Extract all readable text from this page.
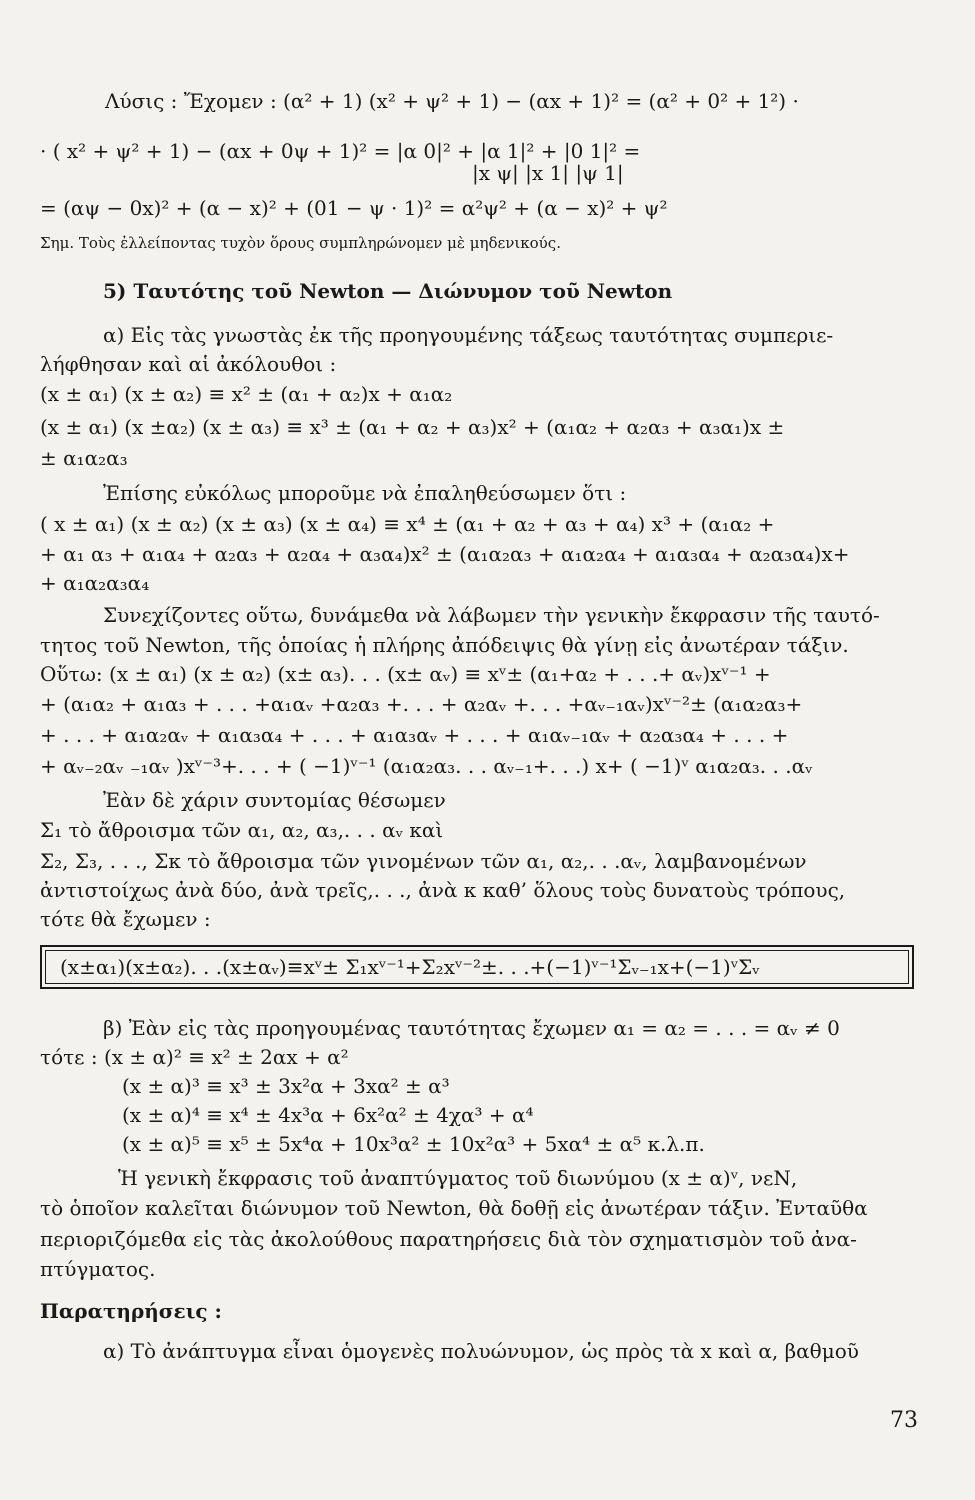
Λύσις : Ἔχομεν : (α² + 1) (x² + ψ² + 1) − (αx + 1)² = (α² + 0² + 1²) ·
· ( x² + ψ² + 1) − (αx + 0ψ + 1)² = |α 0|² + |α 1|² + |0 1|² =
|x ψ| |x 1| |ψ 1|
= (αψ − 0x)² + (α − x)² + (01 − ψ · 1)² = α²ψ² + (α − x)² + ψ²
Σημ. Τοὺς ἐλλείποντας τυχὸν ὅρους συμπληρώνομεν μὲ μηδενικούς.
5) Ταυτότης τοῦ Newton — Διώνυμον τοῦ Newton
α) Εἰς τὰς γνωστὰς ἐκ τῆς προηγουμένης τάξεως ταυτότητας συμπεριε-
λήφθησαν καὶ αἱ ἀκόλουθοι :
(x ± α₁) (x ± α₂) ≡ x² ± (α₁ + α₂)x + α₁α₂
(x ± α₁) (x ±α₂) (x ± α₃) ≡ x³ ± (α₁ + α₂ + α₃)x² + (α₁α₂ + α₂α₃ + α₃α₁)x ±
± α₁α₂α₃
Ἐπίσης εὐκόλως μποροῦμε νὰ ἐπαληθεύσωμεν ὅτι :
( x ± α₁) (x ± α₂) (x ± α₃) (x ± α₄) ≡ x⁴ ± (α₁ + α₂ + α₃ + α₄) x³ + (α₁α₂ +
+ α₁ α₃ + α₁α₄ + α₂α₃ + α₂α₄ + α₃α₄)x² ± (α₁α₂α₃ + α₁α₂α₄ + α₁α₃α₄ + α₂α₃α₄)x+
+ α₁α₂α₃α₄
Συνεχίζοντες οὕτω, δυνάμεθα νὰ λάβωμεν τὴν γενικὴν ἔκφρασιν τῆς ταυτό-
τητος τοῦ Newton, τῆς ὁποίας ἡ πλήρης ἀπόδειψις θὰ γίνῃ εἰς ἀνωτέραν τάξιν.
Οὕτω: (x ± α₁) (x ± α₂) (x± α₃). . . (x± αᵥ) ≡ xᵛ± (α₁+α₂ + . . .+ αᵥ)xᵛ⁻¹ +
+ (α₁α₂ + α₁α₃ + . . . +α₁αᵥ +α₂α₃ +. . . + α₂αᵥ +. . . +αᵥ₋₁αᵥ)xᵛ⁻²± (α₁α₂α₃+
+ . . . + α₁α₂αᵥ + α₁α₃α₄ + . . . + α₁α₃αᵥ + . . . + α₁αᵥ₋₁αᵥ + α₂α₃α₄ + . . . +
+ αᵥ₋₂αᵥ ₋₁αᵥ )xᵛ⁻³+. . . + ( −1)ᵛ⁻¹ (α₁α₂α₃. . . αᵥ₋₁+. . .) x+ ( −1)ᵛ α₁α₂α₃. . .αᵥ
Ἐὰν δὲ χάριν συντομίας θέσωμεν
Σ₁ τὸ ἄθροισμα τῶν α₁, α₂, α₃,. . . αᵥ καὶ
Σ₂, Σ₃, . . ., Σκ τὸ ἄθροισμα τῶν γινομένων τῶν α₁, α₂,. . .αᵥ, λαμβανομένων
ἀντιστοίχως ἀνὰ δύο, ἀνὰ τρεῖς,. . ., ἀνὰ κ καθ’ ὅλους τοὺς δυνατοὺς τρόπους,
τότε θὰ ἔχωμεν :
(x±α₁)(x±α₂). . .(x±αᵥ)≡xᵛ± Σ₁xᵛ⁻¹+Σ₂xᵛ⁻²±. . .+(−1)ᵛ⁻¹Σᵥ₋₁x+(−1)ᵛΣᵥ
β) Ἐὰν εἰς τὰς προηγουμένας ταυτότητας ἔχωμεν α₁ = α₂ = . . . = αᵥ ≠ 0
τότε : (x ± α)² ≡ x² ± 2αx + α²
(x ± α)³ ≡ x³ ± 3x²α + 3xα² ± α³
(x ± α)⁴ ≡ x⁴ ± 4x³α + 6x²α² ± 4χα³ + α⁴
(x ± α)⁵ ≡ x⁵ ± 5x⁴α + 10x³α² ± 10x²α³ + 5xα⁴ ± α⁵ κ.λ.π.
Ἡ γενικὴ ἔκφρασις τοῦ ἀναπτύγματος τοῦ διωνύμου (x ± α)ᵛ, νεΝ,
τὸ ὁποῖον καλεῖται διώνυμον τοῦ Newton, θὰ δοθῇ εἰς ἀνωτέραν τάξιν. Ἐνταῦθα
περιοριζόμεθα εἰς τὰς ἀκολούθους παρατηρήσεις διὰ τὸν σχηματισμὸν τοῦ ἀνα-
πτύγματος.
Παρατηρήσεις :
α) Τὸ ἀνάπτυγμα εἶναι ὁμογενὲς πολυώνυμον, ὡς πρὸς τὰ x καὶ α, βαθμοῦ
73
